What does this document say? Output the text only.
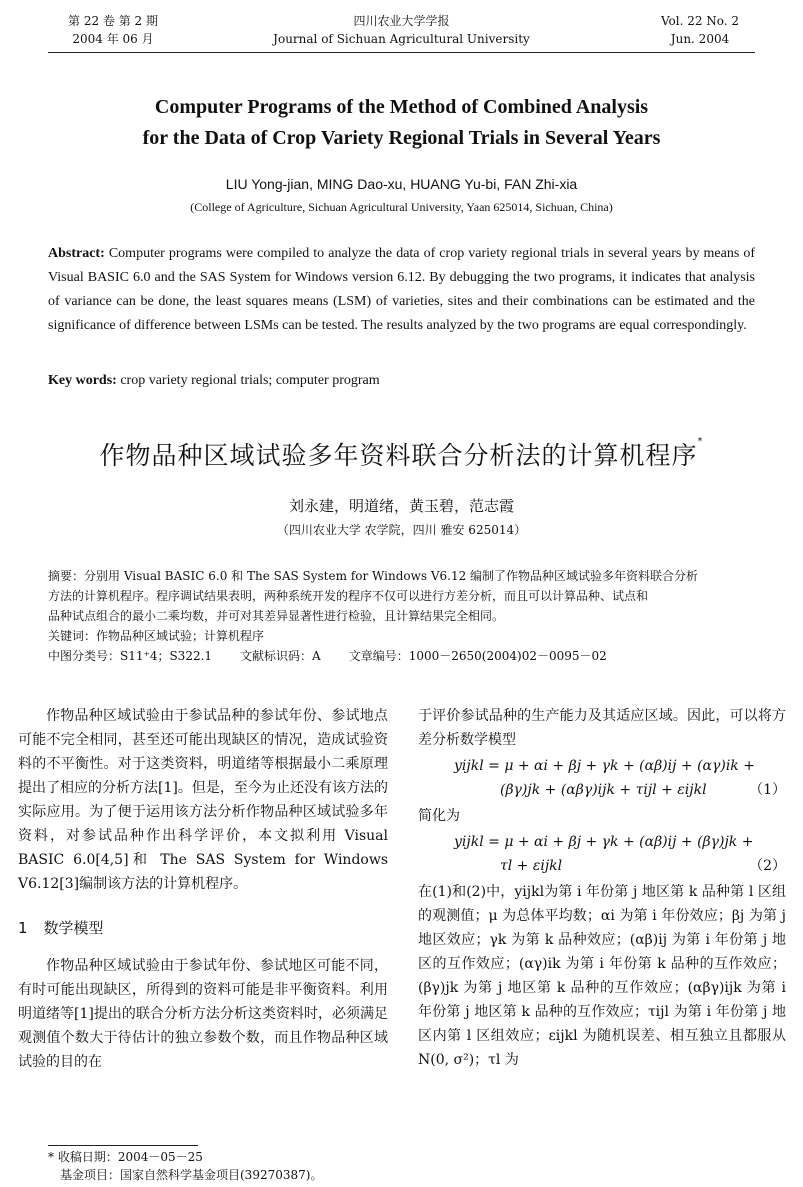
第 22 卷 第 2 期
2004 年 06 月
四川农业大学学报
Journal of Sichuan Agricultural University
Vol. 22 No. 2
Jun. 2004
Computer Programs of the Method of Combined Analysis
for the Data of Crop Variety Regional Trials in Several Years
LIU Yong-jian, MING Dao-xu, HUANG Yu-bi, FAN Zhi-xia
(College of Agriculture, Sichuan Agricultural University, Yaan 625014, Sichuan, China)
Abstract: Computer programs were compiled to analyze the data of crop variety regional trials in several years by means of Visual BASIC 6.0 and the SAS System for Windows version 6.12. By debugging the two programs, it indicates that analysis of variance can be done, the least squares means (LSM) of varieties, sites and their combinations can be estimated and the significance of difference between LSMs can be tested. The results analyzed by the two programs are equal correspondingly.
Key words: crop variety regional trials; computer program
作物品种区域试验多年资料联合分析法的计算机程序*
刘永建，明道绪，黄玉碧，范志霞
（四川农业大学 农学院，四川 雅安 625014）
摘要：分别用 Visual BASIC 6.0 和 The SAS System for Windows V6.12 编制了作物品种区域试验多年资料联合分析
方法的计算机程序。程序调试结果表明，两种系统开发的程序不仅可以进行方差分析，而且可以计算品种、试点和
品种试点组合的最小二乘均数，并可对其差异显著性进行检验，且计算结果完全相同。
关键词：作物品种区域试验；计算机程序
中图分类号：S11⁺4；S322.1 文献标识码：A 文章编号：1000－2650(2004)02－0095－02

作物品种区域试验由于参试品种的参试年份、参试地点可能不完全相同，甚至还可能出现缺区的情况，造成试验资料的不平衡性。对于这类资料，明道绪等根据最小二乘原理提出了相应的分析方法[1]。但是，至今为止还没有该方法的实际应用。为了便于运用该方法分析作物品种区域试验多年资料，对参试品种作出科学评价，本文拟利用 Visual BASIC 6.0[4,5]和 The SAS System for Windows V6.12[3]编制该方法的计算机程序。

1 数学模型

作物品种区域试验由于参试年份、参试地区可能不同，有时可能出现缺区，所得到的资料可能是非平衡资料。利用明道绪等[1]提出的联合分析方法分析这类资料时，必须满足观测值个数大于待估计的独立参数个数，而且作物品种区域试验的目的在

于评价参试品种的生产能力及其适应区域。因此，可以将方差分析数学模型

yijkl = μ + αi + βj + γk + (αβ)ij + (αγ)ik +
(βγ)jk + (αβγ)ijk + τijl + εijkl	（1）

简化为

yijkl = μ + αi + βj + γk + (αβ)ij + (βγ)jk +
τl + εijkl	（2）

在(1)和(2)中，yijkl为第 i 年份第 j 地区第 k 品种第 l 区组的观测值；μ 为总体平均数；αi 为第 i 年份效应；βj 为第 j 地区效应；γk 为第 k 品种效应；(αβ)ij 为第 i 年份第 j 地区的互作效应；(αγ)ik 为第 i 年份第 k 品种的互作效应；(βγ)jk 为第 j 地区第 k 品种的互作效应；(αβγ)ijk 为第 i 年份第 j 地区第 k 品种的互作效应；τijl 为第 i 年份第 j 地区内第 l 区组效应；εijkl 为随机误差、相互独立且都服从 N(0, σ²)；τl 为

* 收稿日期：2004－05－25
基金项目：国家自然科学基金项目(39270387)。
